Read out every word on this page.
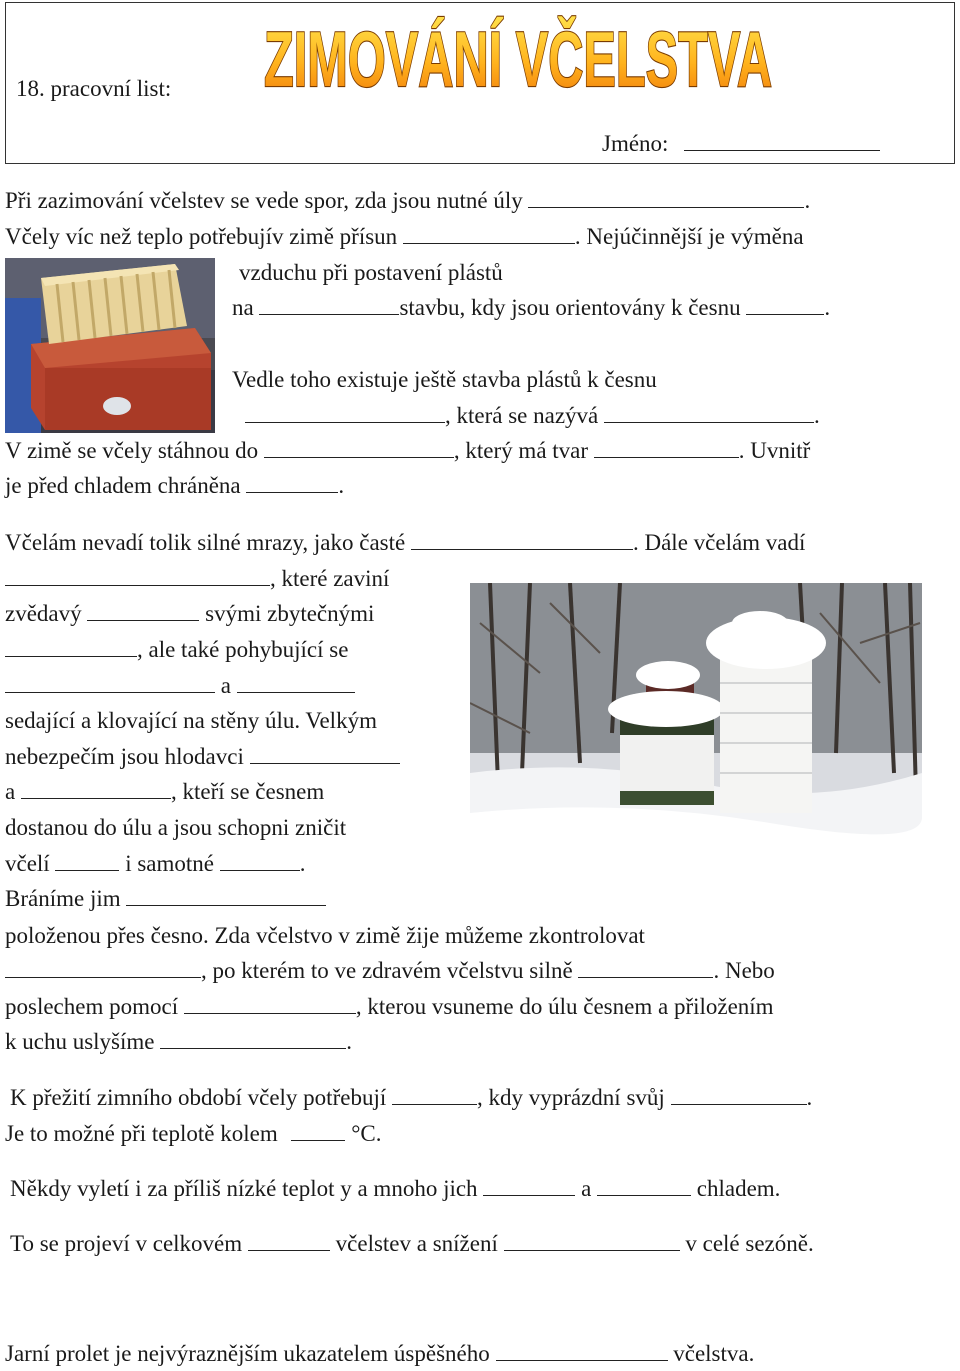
18. pracovní list: ZIMOVÁNÍ VČELSTVA
Jméno:
Při zazimování včelstev se vede spor, zda jsou nutné úly	.
Včely víc než teplo potřebujív zimě přísun	. Nejúčinnější je výměna
vzduchu při postavení plástů
na	stavbu, kdy jsou orientovány k česnu	.
Vedle toho existuje ještě stavba plástů k česnu
, která se nazývá	.
V zimě se včely stáhnou do	, který má tvar	. Uvnitř
je před chladem chráněna	.
Včelám nevadí tolik silné mrazy, jako časté	. Dále včelám vadí
, které zaviní
zvědavý	svými zbytečnými
, ale také pohybující se
a
sedající a klovající na stěny úlu. Velkým
nebezpečím jsou hlodavci
a	, kteří se česnem
dostanou do úlu a jsou schopni zničit
včelí	i samotné	.
Bráníme jim
položenou přes česno. Zda včelstvo v zimě žije můžeme zkontrolovat
, po kterém to ve zdravém včelstvu silně	. Nebo
poslechem pomocí	, kterou vsuneme do úlu česnem a přiložením
k uchu uslyšíme	.
K přežití zimního období včely potřebují	, kdy vyprázdní svůj	.
Je to možné při teplotě kolem	°C.
Někdy vyletí i za příliš nízké teplot y a mnoho jich	a	chladem.
To se projeví v celkovém	včelstev a snížení	v celé sezóně.
Jarní prolet je nejvýraznějším ukazatelem úspěšného	včelstva.
